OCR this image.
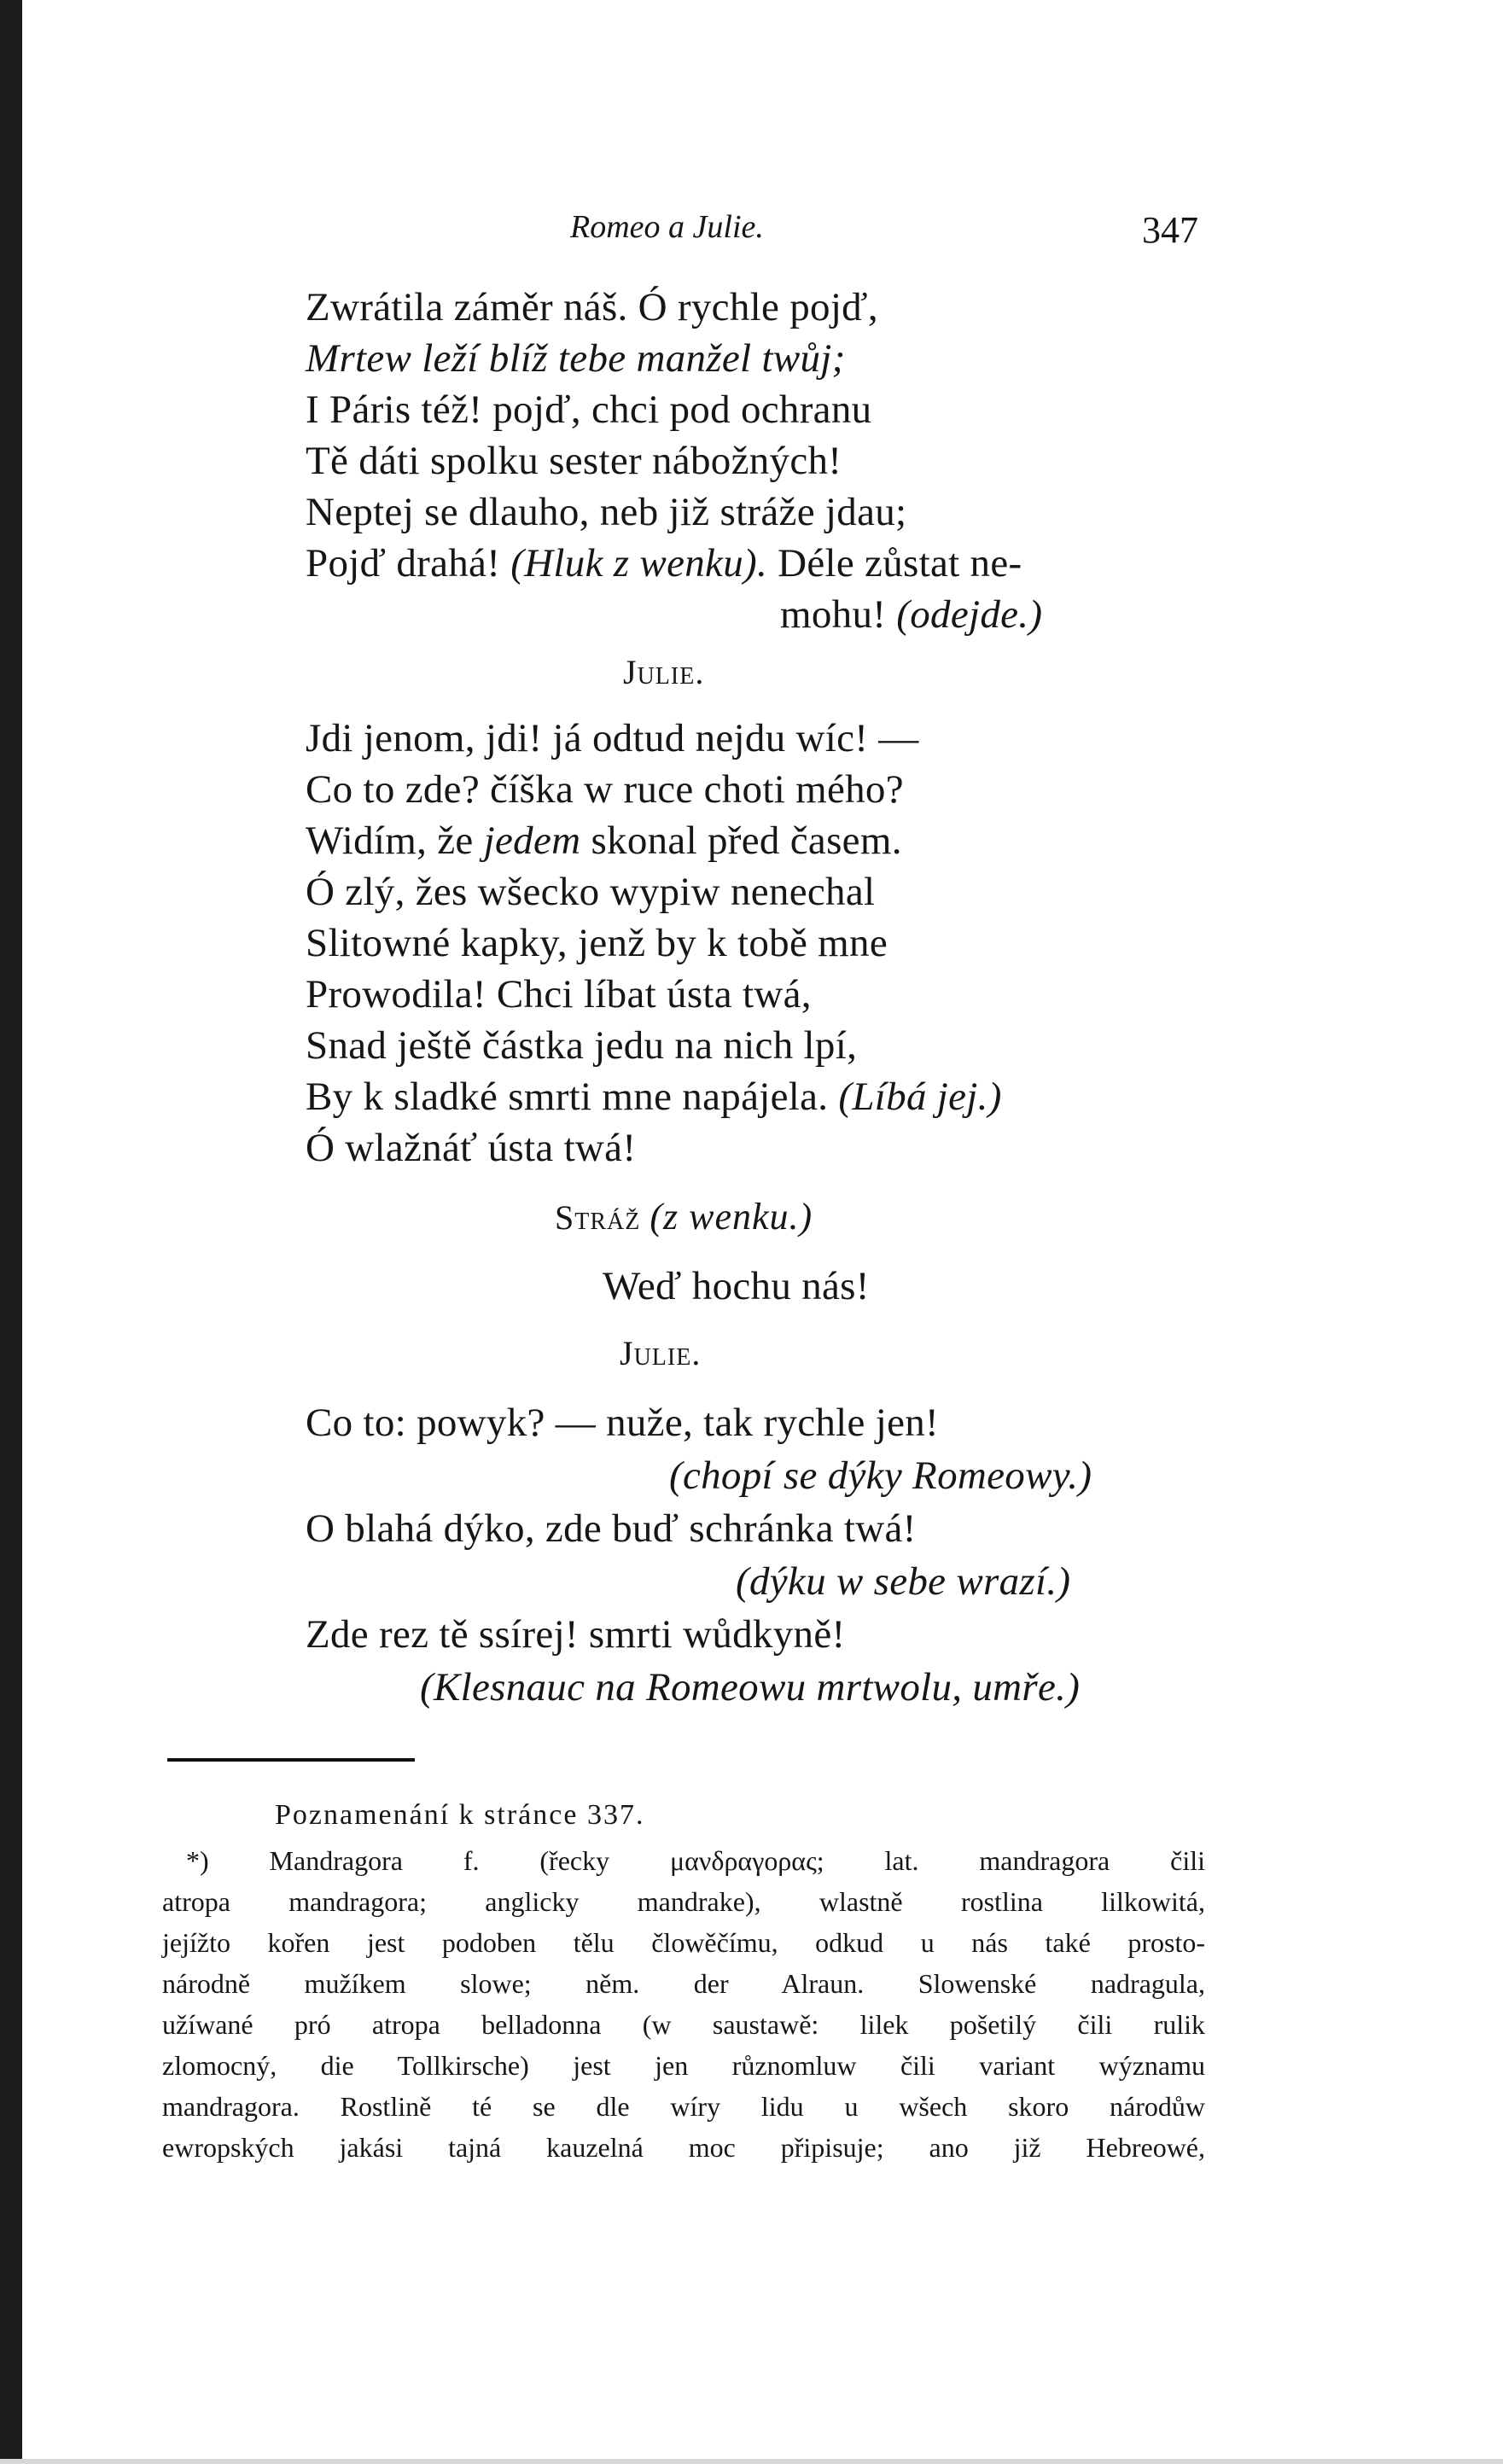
Romeo a Julie.	347
Zwrátila záměr náš. Ó rychle pojď,
Mrtew leží blíž tebe manžel twůj;
I Páris též! pojď, chci pod ochranu
Tě dáti spolku sester nábožných!
Neptej se dlauho, neb již stráže jdau;
Pojď drahá! (Hluk z wenku). Déle zůstat ne-
mohu! (odejde.)
Julie.
Jdi jenom, jdi! já odtud nejdu wíc! —
Co to zde? číška w ruce choti mého?
Widím, že jedem skonal před časem.
Ó zlý, žes wšecko wypiw nenechal
Slitowné kapky, jenž by k tobě mne
Prowodila! Chci líbat ústa twá,
Snad ještě částka jedu na nich lpí,
By k sladké smrti mne napájela. (Líbá jej.)
Ó wlažnáť ústa twá!
Stráž (z wenku.)
Weď hochu nás!
Julie.
Co to: powyk? — nuže, tak rychle jen!
(chopí se dýky Romeowy.)
O blahá dýko, zde buď schránka twá!
(dýku w sebe wrazí.)
Zde rez tě ssírej! smrti wůdkyně!
(Klesnauc na Romeowu mrtwolu, umře.)
Poznamenání k stránce 337.
*) Mandragora f. (řecky μανδραγορας; lat. mandragora čili
atropa mandragora; anglicky mandrake), wlastně rostlina lilkowitá,
jejížto kořen jest podoben tělu člowěčímu, odkud u nás také prosto-
národně mužíkem slowe; něm. der Alraun. Slowenské nadragula,
užíwané pró atropa belladonna (w saustawě: lilek pošetilý čili rulik
zlomocný, die Tollkirsche) jest jen různomluw čili variant wýznamu
mandragora. Rostlině té se dle wíry lidu u wšech skoro národůw
ewropských jakási tajná kauzelná moc připisuje; ano již Hebreowé,
